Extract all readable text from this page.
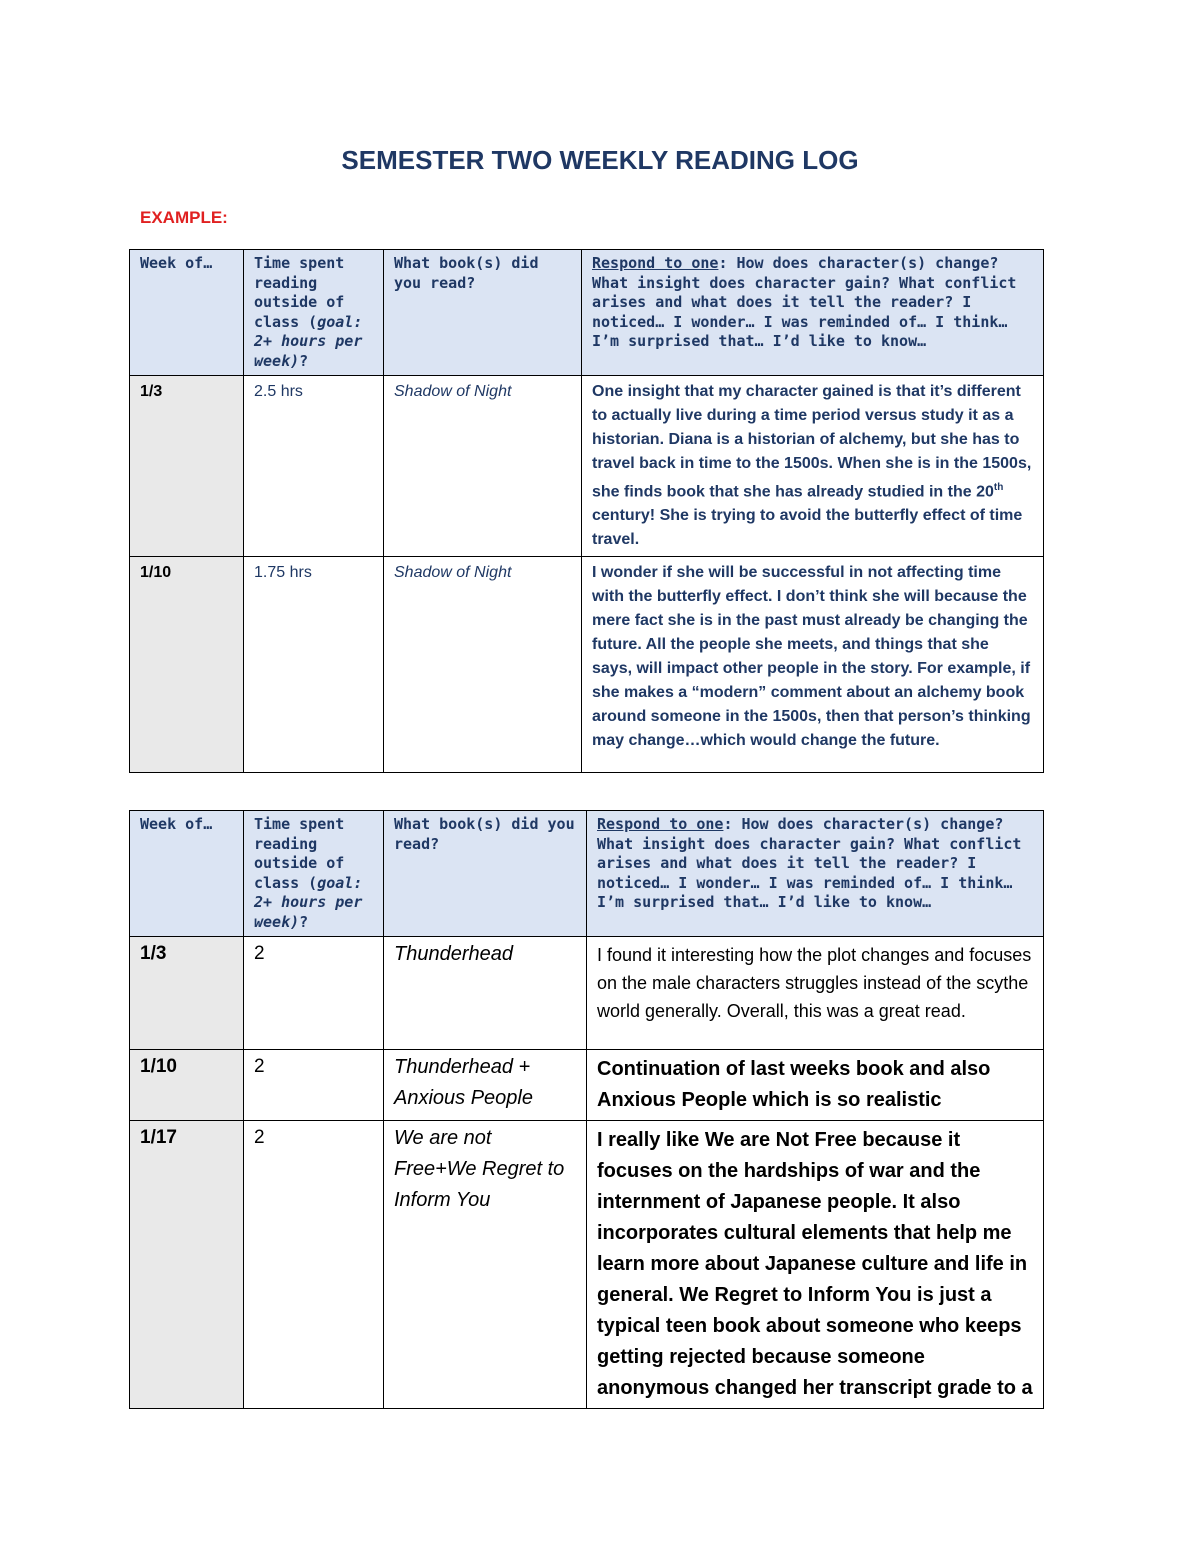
SEMESTER TWO WEEKLY READING LOG
EXAMPLE:
Week of…	Time spent reading outside of class (goal: 2+ hours per week)?	What book(s) did you read?	Respond to one: How does character(s) change? What insight does character gain? What conflict arises and what does it tell the reader? I noticed… I wonder… I was reminded of… I think… I’m surprised that… I’d like to know…
1/3	2.5 hrs	Shadow of Night	One insight that my character gained is that it’s different to actually live during a time period versus study it as a historian. Diana is a historian of alchemy, but she has to travel back in time to the 1500s. When she is in the 1500s, she finds book that she has already studied in the 20th century! She is trying to avoid the butterfly effect of time travel.
1/10	1.75 hrs	Shadow of Night	I wonder if she will be successful in not affecting time with the butterfly effect. I don’t think she will because the mere fact she is in the past must already be changing the future. All the people she meets, and things that she says, will impact other people in the story. For example, if she makes a “modern” comment about an alchemy book around someone in the 1500s, then that person’s thinking may change…which would change the future.
Week of…	Time spent reading outside of class (goal: 2+ hours per week)?	What book(s) did you read?	Respond to one: How does character(s) change? What insight does character gain? What conflict arises and what does it tell the reader? I noticed… I wonder… I was reminded of… I think… I’m surprised that… I’d like to know…
1/3	2	Thunderhead	I found it interesting how the plot changes and focuses on the male characters struggles instead of the scythe world generally. Overall, this was a great read.
1/10	2	Thunderhead + Anxious People	Continuation of last weeks book and also Anxious People which is so realistic
1/17	2	We are not Free+We Regret to Inform You	I really like We are Not Free because it focuses on the hardships of war and the internment of Japanese people. It also incorporates cultural elements that help me learn more about Japanese culture and life in general. We Regret to Inform You is just a typical teen book about someone who keeps getting rejected because someone anonymous changed her transcript grade to a
